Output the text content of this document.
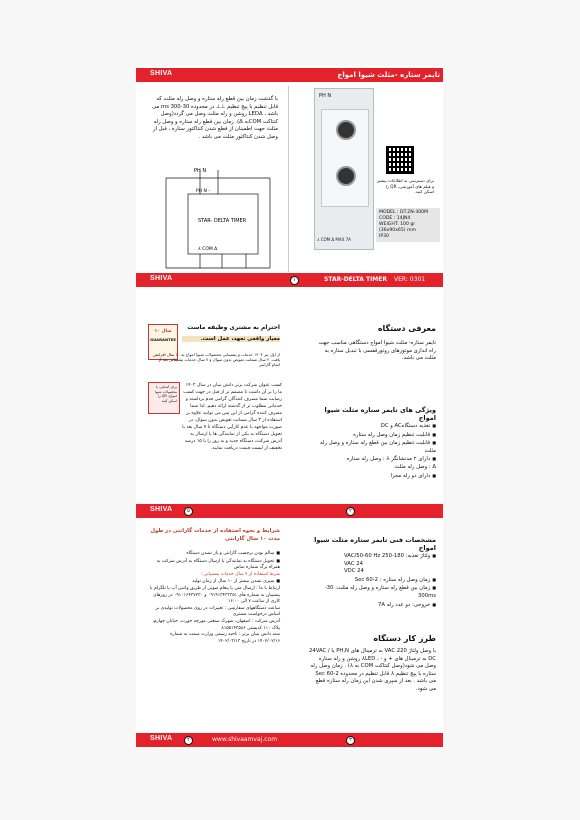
SHIVA	تایمر ستاره -مثلث شیوا امواج
با گذشت زمان بین قطع رله ستاره و وصل رله مثلث که قابل تنظیم با پیچ تنظیم ⊥⊥ در محدوده 30-300 ms می باشد ، LEDΔ روشن و رله مثلث وصل می گردد(وصل کنتاکت COMبه Δ). زمان بین قطع رله ستاره و وصل رله مثلث جهت اطمینان از قطع شدن کنتاکتور ستاره ، قبل از وصل شدن کنتاکتور مثلث می باشد .
PH N
PH N -
STAR- DELTA TIMER
⅄ COM Δ
PH N
⅄ COM Δ MAX 7A
برای دسترسی به اطلاعات بیشتر و فیلم های آموزشی، QR را اسکن کنید.
MODEL : DT.2N-300M
CODE : 14JN4
WEIGHT: 100 gr
(36x90x65) mm
IP30
SHIVA	۱	STAR-DELTA TIMER VER: 0301
معرفی دستگاه
تایمر ستاره- مثلث شیوا امواج دستگاهی مناسب جهت راه اندازی موتورهای روتورقفسی با تبدیل ستاره به مثلث می باشد.
ویژگی های تایمر ستاره مثلث شیوا امواج
■ تغذیه دستگاهAC و DC
■ قابلیت تنظیم زمان وصل رله ستاره
■ قابلیت تنظیم زمان بین قطع رله ستاره و وصل رله مثلث
■ دارای ۲ مدنشانگر ⅄ : وصل رله ستاره
Δ : وصل رله مثلث
■ دارای دو رله مجزا
۱۰ سال
GUARANTEE
احترام به مشتری وظیفه ماست
معیار واقعی تعهد، عمل است.
از اول تیر ۱۴۰۳ خدمات و پشتیبانی محصولات شیوا امواج به ۱۰ سال افزایش یافت. ۲ سال ضمانت تعویض بدون سوال و ۷ سال خدمات پشتیبانی بعد از اتمام گارانتی
برای آشنایی با محصولات شیوا امواج، QR را اسکن کنید
کسب عنوان شرکت برتر دانش بنیان در سال ۱۴۰۲ ما را بر آن داشت تا مصمم تر از قبل در جهت کسب رضایت شما مصرف کنندگان گرامی قدم برداشته و خدماتی مطلوب تر از گذشته ارائه دهیم. لذا شما مصرف کننده گرامی از این پس می توانید علاوه بر استفاده از ۳ سال ضمانت تعویض بدون سوال، در صورت مواجهه با عدم کارآیی دستگاه تا ۷ سال بعد با تحویل دستگاه به یکی از نمایندگی ها یا ارسال به آدرس شرکت، دستگاه جدید و به روز را با ۱۵ درصد تخفیف از لیست قیمت دریافت نمایید.
SHIVA	۵	۲
شرایط و نحوه استفاده از خدمات گارانتی در طول مدت ۱۰ سال گارانتی
■ سالم بودن برچسب گارانتی و باز نشدن دستگاه
■ تحویل دستگاه به نمایندگی یا ارسال دستگاه به آدرس شرکت به همراه برگ شماره تماس
شرط استفاده از ۷ سال خدمات پشتیبانی :
■ سپری نشدن بیشتر از ۱۰ سال از زمان تولید
ارتباط با ما : ارسال متن یا پیغام صوتی از طریق واتس آپ یا تلگرام با پشتیبان به شماره های ۰۹۱۹۱۳۴۳۳۳۵۱ و ۰۹۱۰۱۶۴۳۷۲۳۰ در روزهای کاری از ساعت ۷ الی ۱۶:۰۰
ساعت دستگاههای سفارشی : تغییرات در روی محصولات تولیدی بر اساس درخواست مشتری
آدرس شرکت : اصفهان، شهرک صنعتی مورچه خورت، خیابان چهارم، پلاک ۱۱۰ کدپستی ۸۱۵۵۱۴۳۵۸۶
سند دانش بنیان برتر : ناحیه رسمی وزارت صمت به شماره ۱۴۰۲/۰۲/۱۶ در تاریخ ۱۴۰۲/۰۳/۱۳
مشخصات فنی تایمر ستاره مثلث شیوا امواج
■ ولتاژ تغذیه: 180-250 VAC/50-60 Hz
24 VAC
24 VDC
■ زمان وصل رله ستاره : 2-60 Sec
■ زمان بین قطع رله ستاره و وصل رله مثلث: 30-300ms
■ خروجی: دو عدد رله 7A
طرز کار دستگاه
با وصل ولتاژ 220 VAC به ترمینال های PH,N یا 24VAC / DC به ترمینال های + و - ، LED⅄ روشن و رله ستاره وصل می شود(وصل کنتاکت COM به ⅄) . زمان وصل رله ستاره با پیچ تنظیم ⅄ قابل تنظیم در محدوده 2-60 Sec می باشد . بعد از سپری شدن این زمان رله ستاره قطع می شود.
SHIVA	۴	www.shivaamvaj.com	۳
